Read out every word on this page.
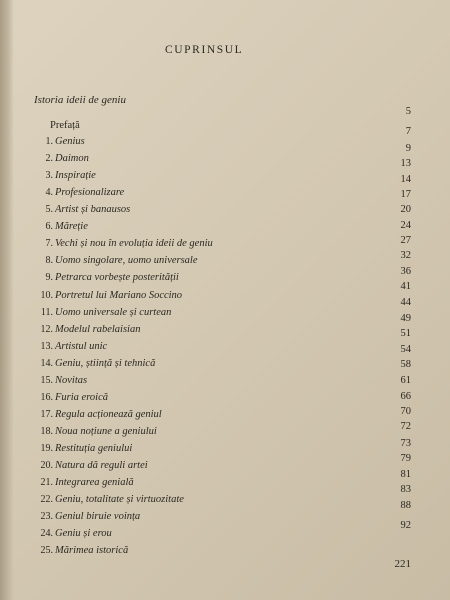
CUPRINSUL
Istoria ideii de geniu
Prefață
5
1. Genius
7
2. Daimon
9
3. Inspirație
13
4. Profesionalizare
14
5. Artist și banausos
17
6. Măreție
20
7. Vechi și nou în evoluția ideii de geniu
24
8. Uomo singolare, uomo universale
27
9. Petrarca vorbește posterității
32
10. Portretul lui Mariano Soccino
36
11. Uomo universale și curtean
41
12. Modelul rabelaisian
44
13. Artistul unic
49
14. Geniu, știință și tehnică
51
15. Novitas
54
16. Furia eroică
58
17. Regula acționează geniul
61
18. Noua noțiune a geniului
66
19. Restituția geniului
70
20. Natura dă reguli artei
72
21. Integrarea genială
73
22. Geniu, totalitate și virtuozitate
79
23. Geniul biruie voința
81
24. Geniu și erou
83
25. Mărimea istorică
88
92
221
